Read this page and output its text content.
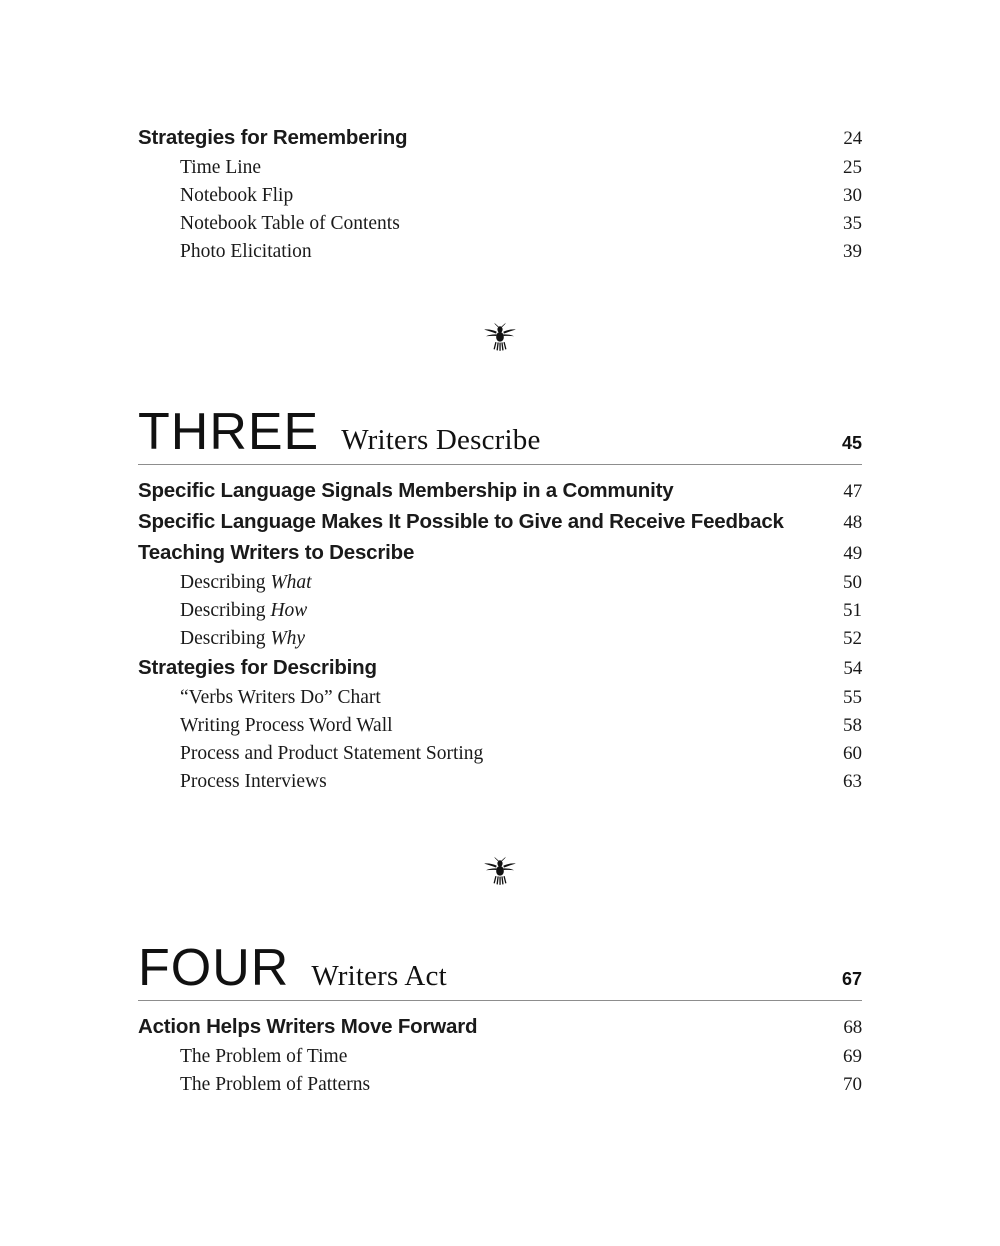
Strategies for Remembering	24
Time Line	25
Notebook Flip	30
Notebook Table of Contents	35
Photo Elicitation	39
THREE Writers Describe	45
Specific Language Signals Membership in a Community	47
Specific Language Makes It Possible to Give and Receive Feedback	48
Teaching Writers to Describe	49
Describing What	50
Describing How	51
Describing Why	52
Strategies for Describing	54
“Verbs Writers Do” Chart	55
Writing Process Word Wall	58
Process and Product Statement Sorting	60
Process Interviews	63
FOUR Writers Act	67
Action Helps Writers Move Forward	68
The Problem of Time	69
The Problem of Patterns	70
